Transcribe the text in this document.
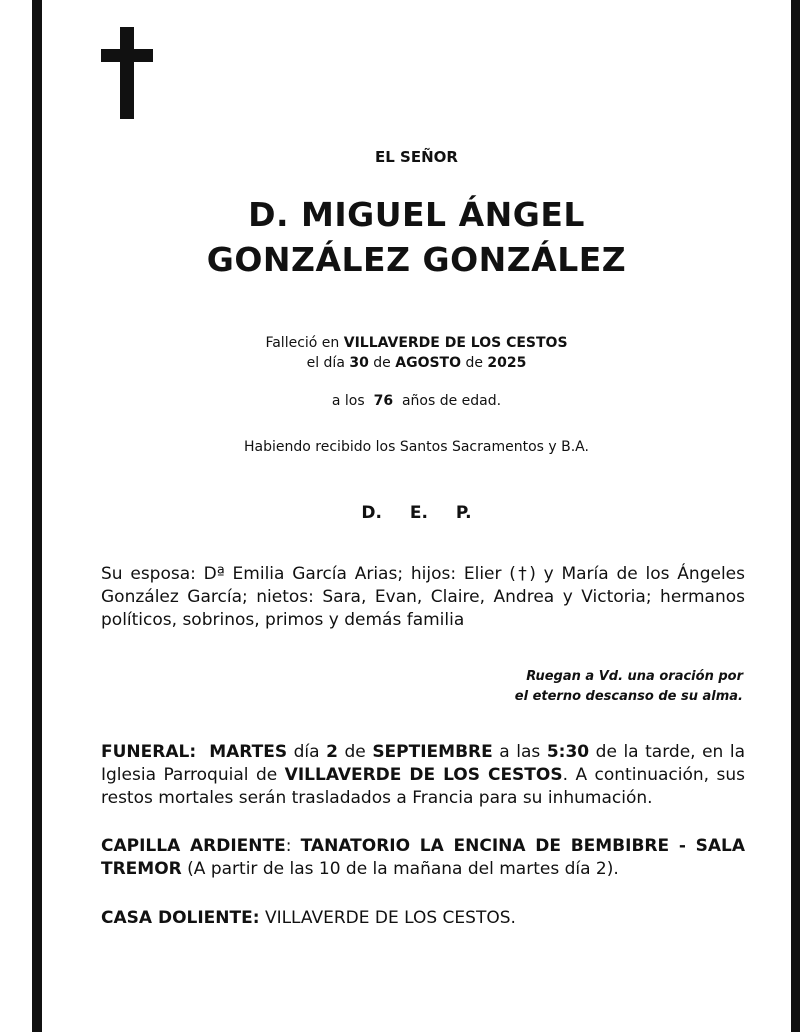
EL SEÑOR
D. MIGUEL ÁNGEL
GONZÁLEZ GONZÁLEZ
Falleció en VILLAVERDE DE LOS CESTOS
el día 30 de AGOSTO de 2025
a los 76 años de edad.
Habiendo recibido los Santos Sacramentos y B.A.
D. E. P.
Su esposa: Dª Emilia García Arias; hijos: Elier (†) y María de los Ángeles González García; nietos: Sara, Evan, Claire, Andrea y Victoria; hermanos políticos, sobrinos, primos y demás familia
Ruegan a Vd. una oración por
el eterno descanso de su alma.
FUNERAL: MARTES día 2 de SEPTIEMBRE a las 5:30 de la tarde, en la Iglesia Parroquial de VILLAVERDE DE LOS CESTOS. A continuación, sus restos mortales serán trasladados a Francia para su inhumación.
CAPILLA ARDIENTE: TANATORIO LA ENCINA DE BEMBIBRE - SALA TREMOR (A partir de las 10 de la mañana del martes día 2).
CASA DOLIENTE: VILLAVERDE DE LOS CESTOS.
